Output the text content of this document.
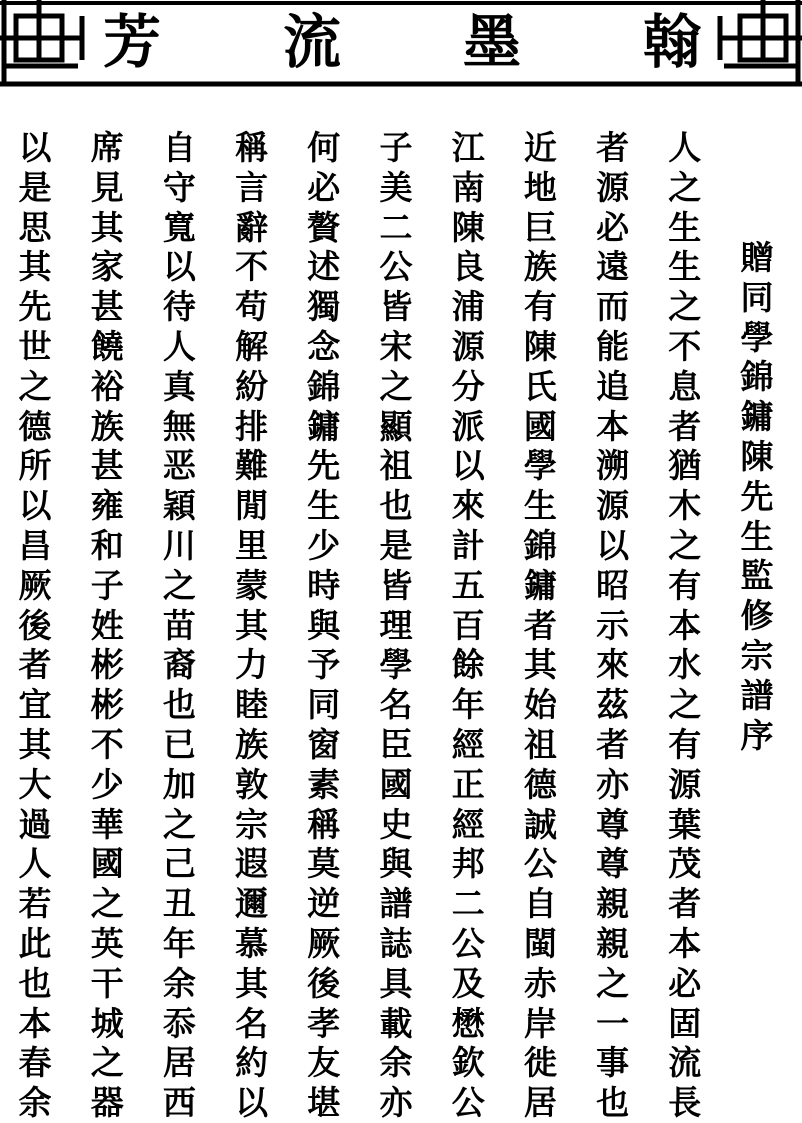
芳 流 墨 翰
贈
同
學
錦
鏞
陳
先
生
監
修
宗
譜
序
人
之
生
生
之
不
息
者
猶
木
之
有
本
水
之
有
源
葉
茂
者
本
必
固
流
長
者
源
必
遠
而
能
追
本
溯
源
以
昭
示
來
茲
者
亦
尊
尊
親
親
之
一
事
也
近
地
巨
族
有
陳
氏
國
學
生
錦
鏞
者
其
始
祖
德
誠
公
自
閩
赤
岸
徙
居
江
南
陳
良
浦
源
分
派
以
來
計
五
百
餘
年
經
正
經
邦
二
公
及
懋
欽
公
子
美
二
公
皆
宋
之
顯
祖
也
是
皆
理
學
名
臣
國
史
與
譜
誌
具
載
余
亦
何
必
贅
述
獨
念
錦
鏞
先
生
少
時
與
予
同
窗
素
稱
莫
逆
厥
後
孝
友
堪
稱
言
辭
不
苟
解
紛
排
難
閒
里
蒙
其
力
睦
族
敦
宗
遐
邇
慕
其
名
約
以
自
守
寬
以
待
人
真
無
恶
穎
川
之
苗
裔
也
已
加
之
己
丑
年
余
忝
居
西
席
見
其
家
甚
饒
裕
族
甚
雍
和
子
姓
彬
彬
不
少
華
國
之
英
干
城
之
器
以
是
思
其
先
世
之
德
所
以
昌
厥
後
者
宜
其
大
過
人
若
此
也
本
春
余
